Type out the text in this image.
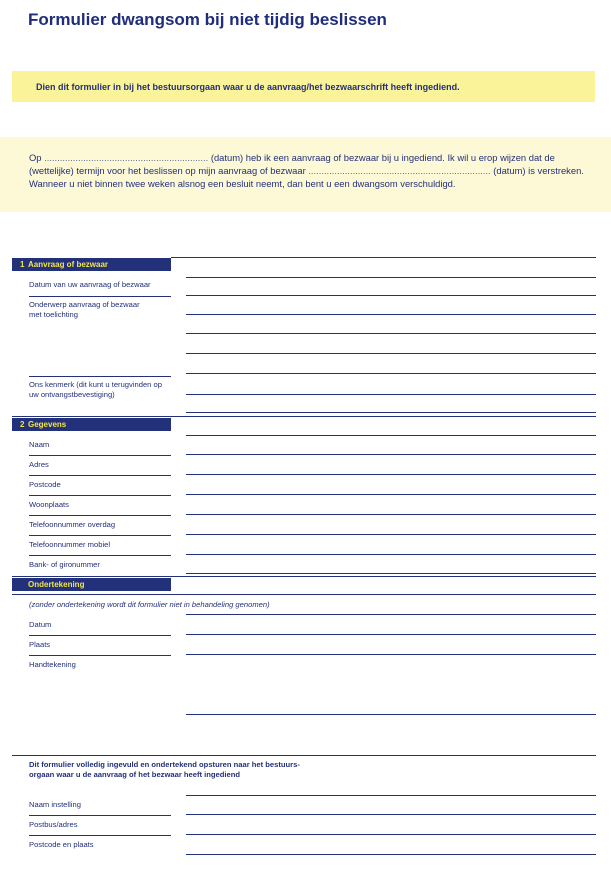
Formulier dwangsom bij niet tijdig beslissen
Dien dit formulier in bij het bestuursorgaan waar u de aanvraag/het bezwaarschrift heeft ingediend.
Op ............................................................... (datum) heb ik een aanvraag of bezwaar bij u ingediend. Ik wil u erop wijzen dat de
(wettelijke) termijn voor het beslissen op mijn aanvraag of bezwaar ...................................................................... (datum) is verstreken.
Wanneer u niet binnen twee weken alsnog een besluit neemt, dan bent u een dwangsom verschuldigd.
1 Aanvraag of bezwaar
Datum van uw aanvraag of bezwaar
Onderwerp aanvraag of bezwaar
met toelichting
Ons kenmerk (dit kunt u terugvinden op
uw ontvangstbevestiging)
2 Gegevens
Naam
Adres
Postcode
Woonplaats
Telefoonnummer overdag
Telefoonnummer mobiel
Bank- of gironummer
Ondertekening
(zonder ondertekening wordt dit formulier niet in behandeling genomen)
Datum
Plaats
Handtekening
Dit formulier volledig ingevuld en ondertekend opsturen naar het bestuurs-
orgaan waar u de aanvraag of het bezwaar heeft ingediend
Naam instelling
Postbus/adres
Postcode en plaats
